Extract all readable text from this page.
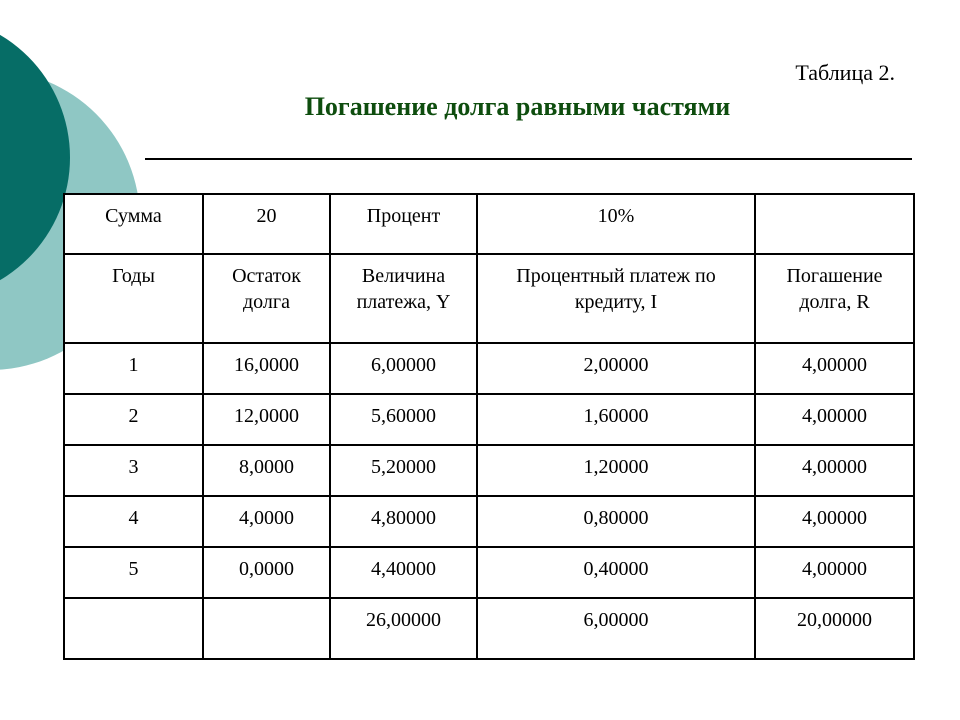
Таблица 2.
Погашение долга равными частями
Сумма	20	Процент	10%	
Годы	Остаток долга	Величина платежа, Y	Процентный платеж по кредиту, I	Погашение долга, R
1	16,0000	6,00000	2,00000	4,00000
2	12,0000	5,60000	1,60000	4,00000
3	8,0000	5,20000	1,20000	4,00000
4	4,0000	4,80000	0,80000	4,00000
5	0,0000	4,40000	0,40000	4,00000
		26,00000	6,00000	20,00000
